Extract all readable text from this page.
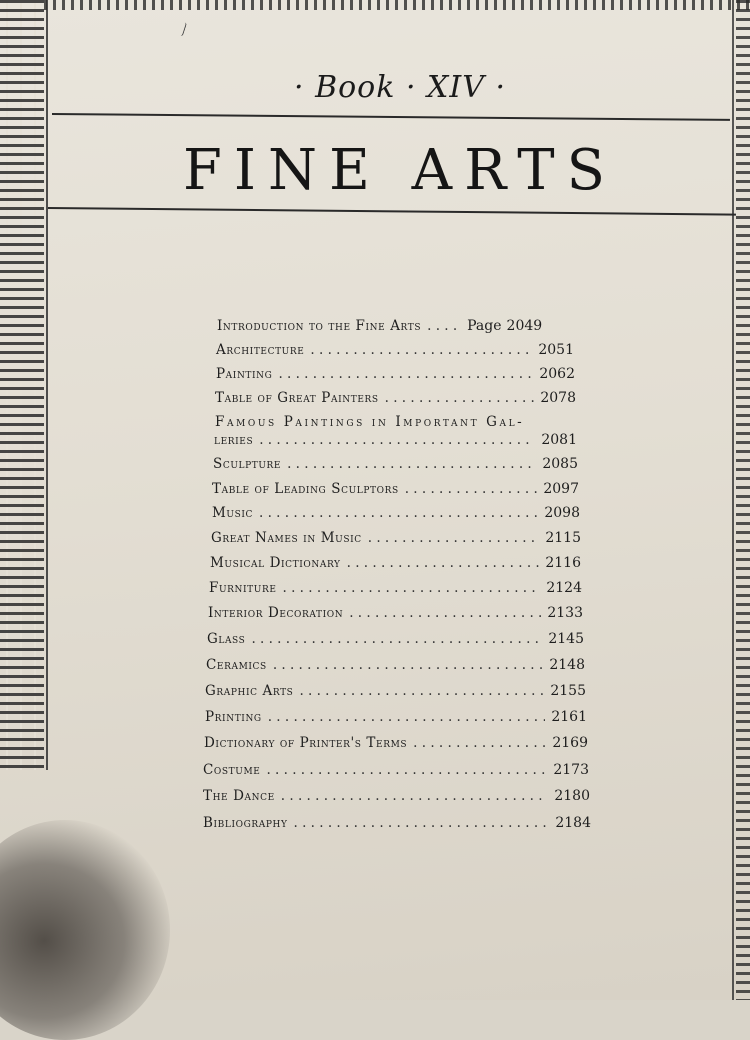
· Book · XIV ·
FINE ARTS
Introduction to the Fine Arts . . .	Page 2049
Architecture . . .	2051
Painting . . .	2062
Table of Great Painters . . .	2078
Famous Paintings in Important Gal-
leries . . .	2081
Sculpture . . .	2085
Table of Leading Sculptors . . .	2097
Music . . .	2098
Great Names in Music . . .	2115
Musical Dictionary . . .	2116
Furniture . . .	2124
Interior Decoration . . .	2133
Glass . . .	2145
Ceramics . . .	2148
Graphic Arts . . .	2155
Printing . . .	2161
Dictionary of Printer's Terms . . .	2169
Costume . . .	2173
The Dance . . .	2180
Bibliography . . .	2184
